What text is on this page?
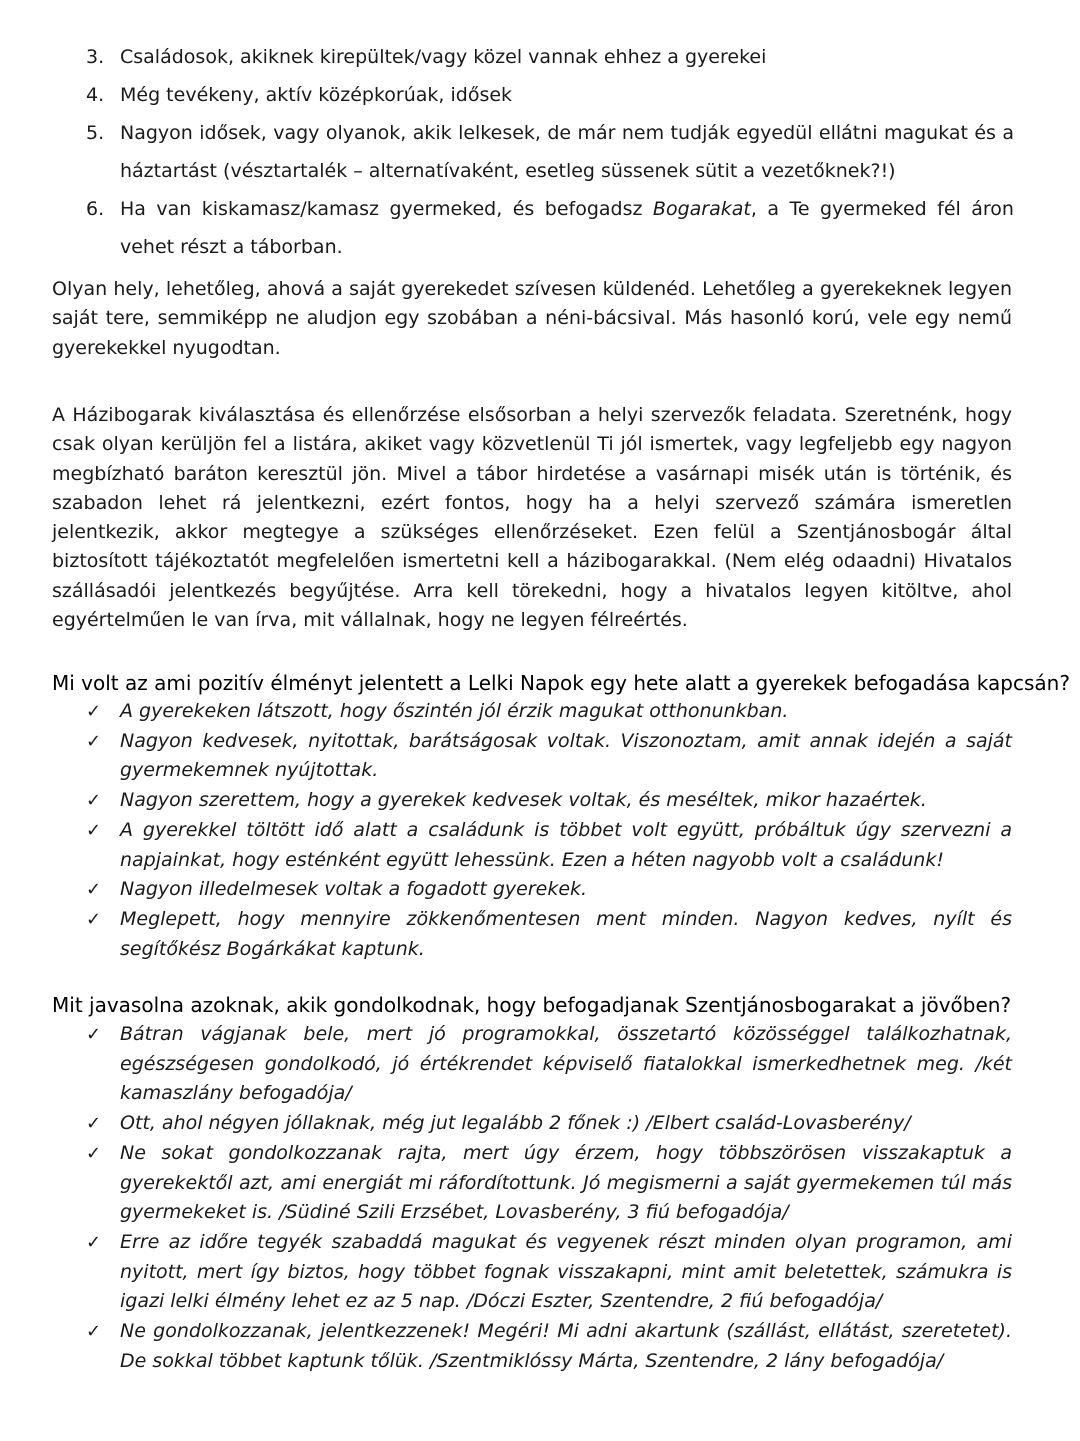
3. Családosok, akiknek kirepültek/vagy közel vannak ehhez a gyerekei
4. Még tevékeny, aktív középkorúak, idősek
5. Nagyon idősek, vagy olyanok, akik lelkesek, de már nem tudják egyedül ellátni magukat és a háztartást (vésztartalék – alternatívaként, esetleg süssenek sütit a vezetőknek?!)
6. Ha van kiskamasz/kamasz gyermeked, és befogadsz Bogarakat, a Te gyermeked fél áron vehet részt a táborban.

Olyan hely, lehetőleg, ahová a saját gyerekedet szívesen küldenéd. Lehetőleg a gyerekeknek legyen saját tere, semmiképp ne aludjon egy szobában a néni-bácsival. Más hasonló korú, vele egy nemű gyerekekkel nyugodtan.

A Házibogarak kiválasztása és ellenőrzése elsősorban a helyi szervezők feladata. Szeretnénk, hogy csak olyan kerüljön fel a listára, akiket vagy közvetlenül Ti jól ismertek, vagy legfeljebb egy nagyon megbízható baráton keresztül jön. Mivel a tábor hirdetése a vasárnapi misék után is történik, és szabadon lehet rá jelentkezni, ezért fontos, hogy ha a helyi szervező számára ismeretlen jelentkezik, akkor megtegye a szükséges ellenőrzéseket. Ezen felül a Szentjánosbogár által biztosított tájékoztatót megfelelően ismertetni kell a házibogarakkal. (Nem elég odaadni) Hivatalos szállásadói jelentkezés begyűjtése. Arra kell törekedni, hogy a hivatalos legyen kitöltve, ahol egyértelműen le van írva, mit vállalnak, hogy ne legyen félreértés.

Mi volt az ami pozitív élményt jelentett a Lelki Napok egy hete alatt a gyerekek befogadása kapcsán?
✓ A gyerekeken látszott, hogy őszintén jól érzik magukat otthonunkban.
✓ Nagyon kedvesek, nyitottak, barátságosak voltak. Viszonoztam, amit annak idején a saját gyermekemnek nyújtottak.
✓ Nagyon szerettem, hogy a gyerekek kedvesek voltak, és meséltek, mikor hazaértek.
✓ A gyerekkel töltött idő alatt a családunk is többet volt együtt, próbáltuk úgy szervezni a napjainkat, hogy esténként együtt lehessünk. Ezen a héten nagyobb volt a családunk!
✓ Nagyon illedelmesek voltak a fogadott gyerekek.
✓ Meglepett, hogy mennyire zökkenőmentesen ment minden. Nagyon kedves, nyílt és segítőkész Bogárkákat kaptunk.
Mit javasolna azoknak, akik gondolkodnak, hogy befogadjanak Szentjánosbogarakat a jövőben?
✓ Bátran vágjanak bele, mert jó programokkal, összetartó közösséggel találkozhatnak, egészségesen gondolkodó, jó értékrendet képviselő fiatalokkal ismerkedhetnek meg. /két kamaszlány befogadója/
✓ Ott, ahol négyen jóllaknak, még jut legalább 2 főnek :) /Elbert család-Lovasberény/
✓ Ne sokat gondolkozzanak rajta, mert úgy érzem, hogy többszörösen visszakaptuk a gyerekektől azt, ami energiát mi ráfordítottunk. Jó megismerni a saját gyermekemen túl más gyermekeket is. /Südiné Szili Erzsébet, Lovasberény, 3 fiú befogadója/
✓ Erre az időre tegyék szabaddá magukat és vegyenek részt minden olyan programon, ami nyitott, mert így biztos, hogy többet fognak visszakapni, mint amit beletettek, számukra is igazi lelki élmény lehet ez az 5 nap. /Dóczi Eszter, Szentendre, 2 fiú befogadója/
✓ Ne gondolkozzanak, jelentkezzenek! Megéri! Mi adni akartunk (szállást, ellátást, szeretetet). De sokkal többet kaptunk tőlük. /Szentmiklóssy Márta, Szentendre, 2 lány befogadója/
